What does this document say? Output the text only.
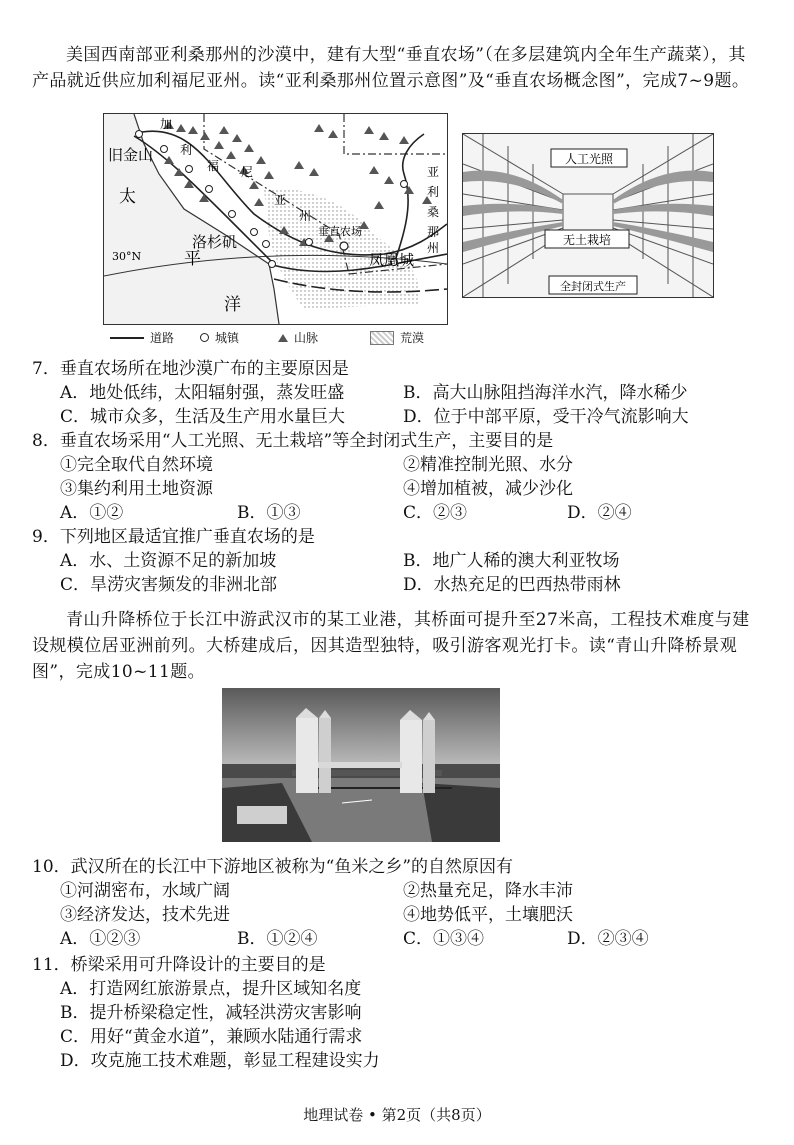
美国西南部亚利桑那州的沙漠中，建有大型“垂直农场”（在多层建筑内全年生产蔬菜），其产品就近供应加利福尼亚州。读“亚利桑那州位置示意图”及“垂直农场概念图”，完成7~9题。
旧金山
太
平
洋
30°N
洛杉矶
凤凰城
垂直农场
加
利
福 尼
亚
州
亚
利
桑
那
州
道路	城镇	山脉	荒漠
人工光照
无土栽培
全封闭式生产
7．垂直农场所在地沙漠广布的主要原因是
A．地处低纬，太阳辐射强，蒸发旺盛	B．高大山脉阻挡海洋水汽，降水稀少
C．城市众多，生活及生产用水量巨大	D．位于中部平原，受干冷气流影响大
8．垂直农场采用“人工光照、无土栽培”等全封闭式生产，主要目的是
①完全取代自然环境	②精准控制光照、水分
③集约利用土地资源	④增加植被，减少沙化
A．①②	B．①③	C．②③	D．②④
9．下列地区最适宜推广垂直农场的是
A．水、土资源不足的新加坡	B．地广人稀的澳大利亚牧场
C．旱涝灾害频发的非洲北部	D．水热充足的巴西热带雨林
青山升降桥位于长江中游武汉市的某工业港，其桥面可提升至27米高，工程技术难度与建设规模位居亚洲前列。大桥建成后，因其造型独特，吸引游客观光打卡。读“青山升降桥景观图”，完成10~11题。
10．武汉所在的长江中下游地区被称为“鱼米之乡”的自然原因有
①河湖密布，水域广阔	②热量充足，降水丰沛
③经济发达，技术先进	④地势低平，土壤肥沃
A．①②③	B．①②④	C．①③④	D．②③④
11．桥梁采用可升降设计的主要目的是
A．打造网红旅游景点，提升区域知名度
B．提升桥梁稳定性，减轻洪涝灾害影响
C．用好“黄金水道”，兼顾水陆通行需求
D．攻克施工技术难题，彰显工程建设实力
地理试卷 • 第2页（共8页）
